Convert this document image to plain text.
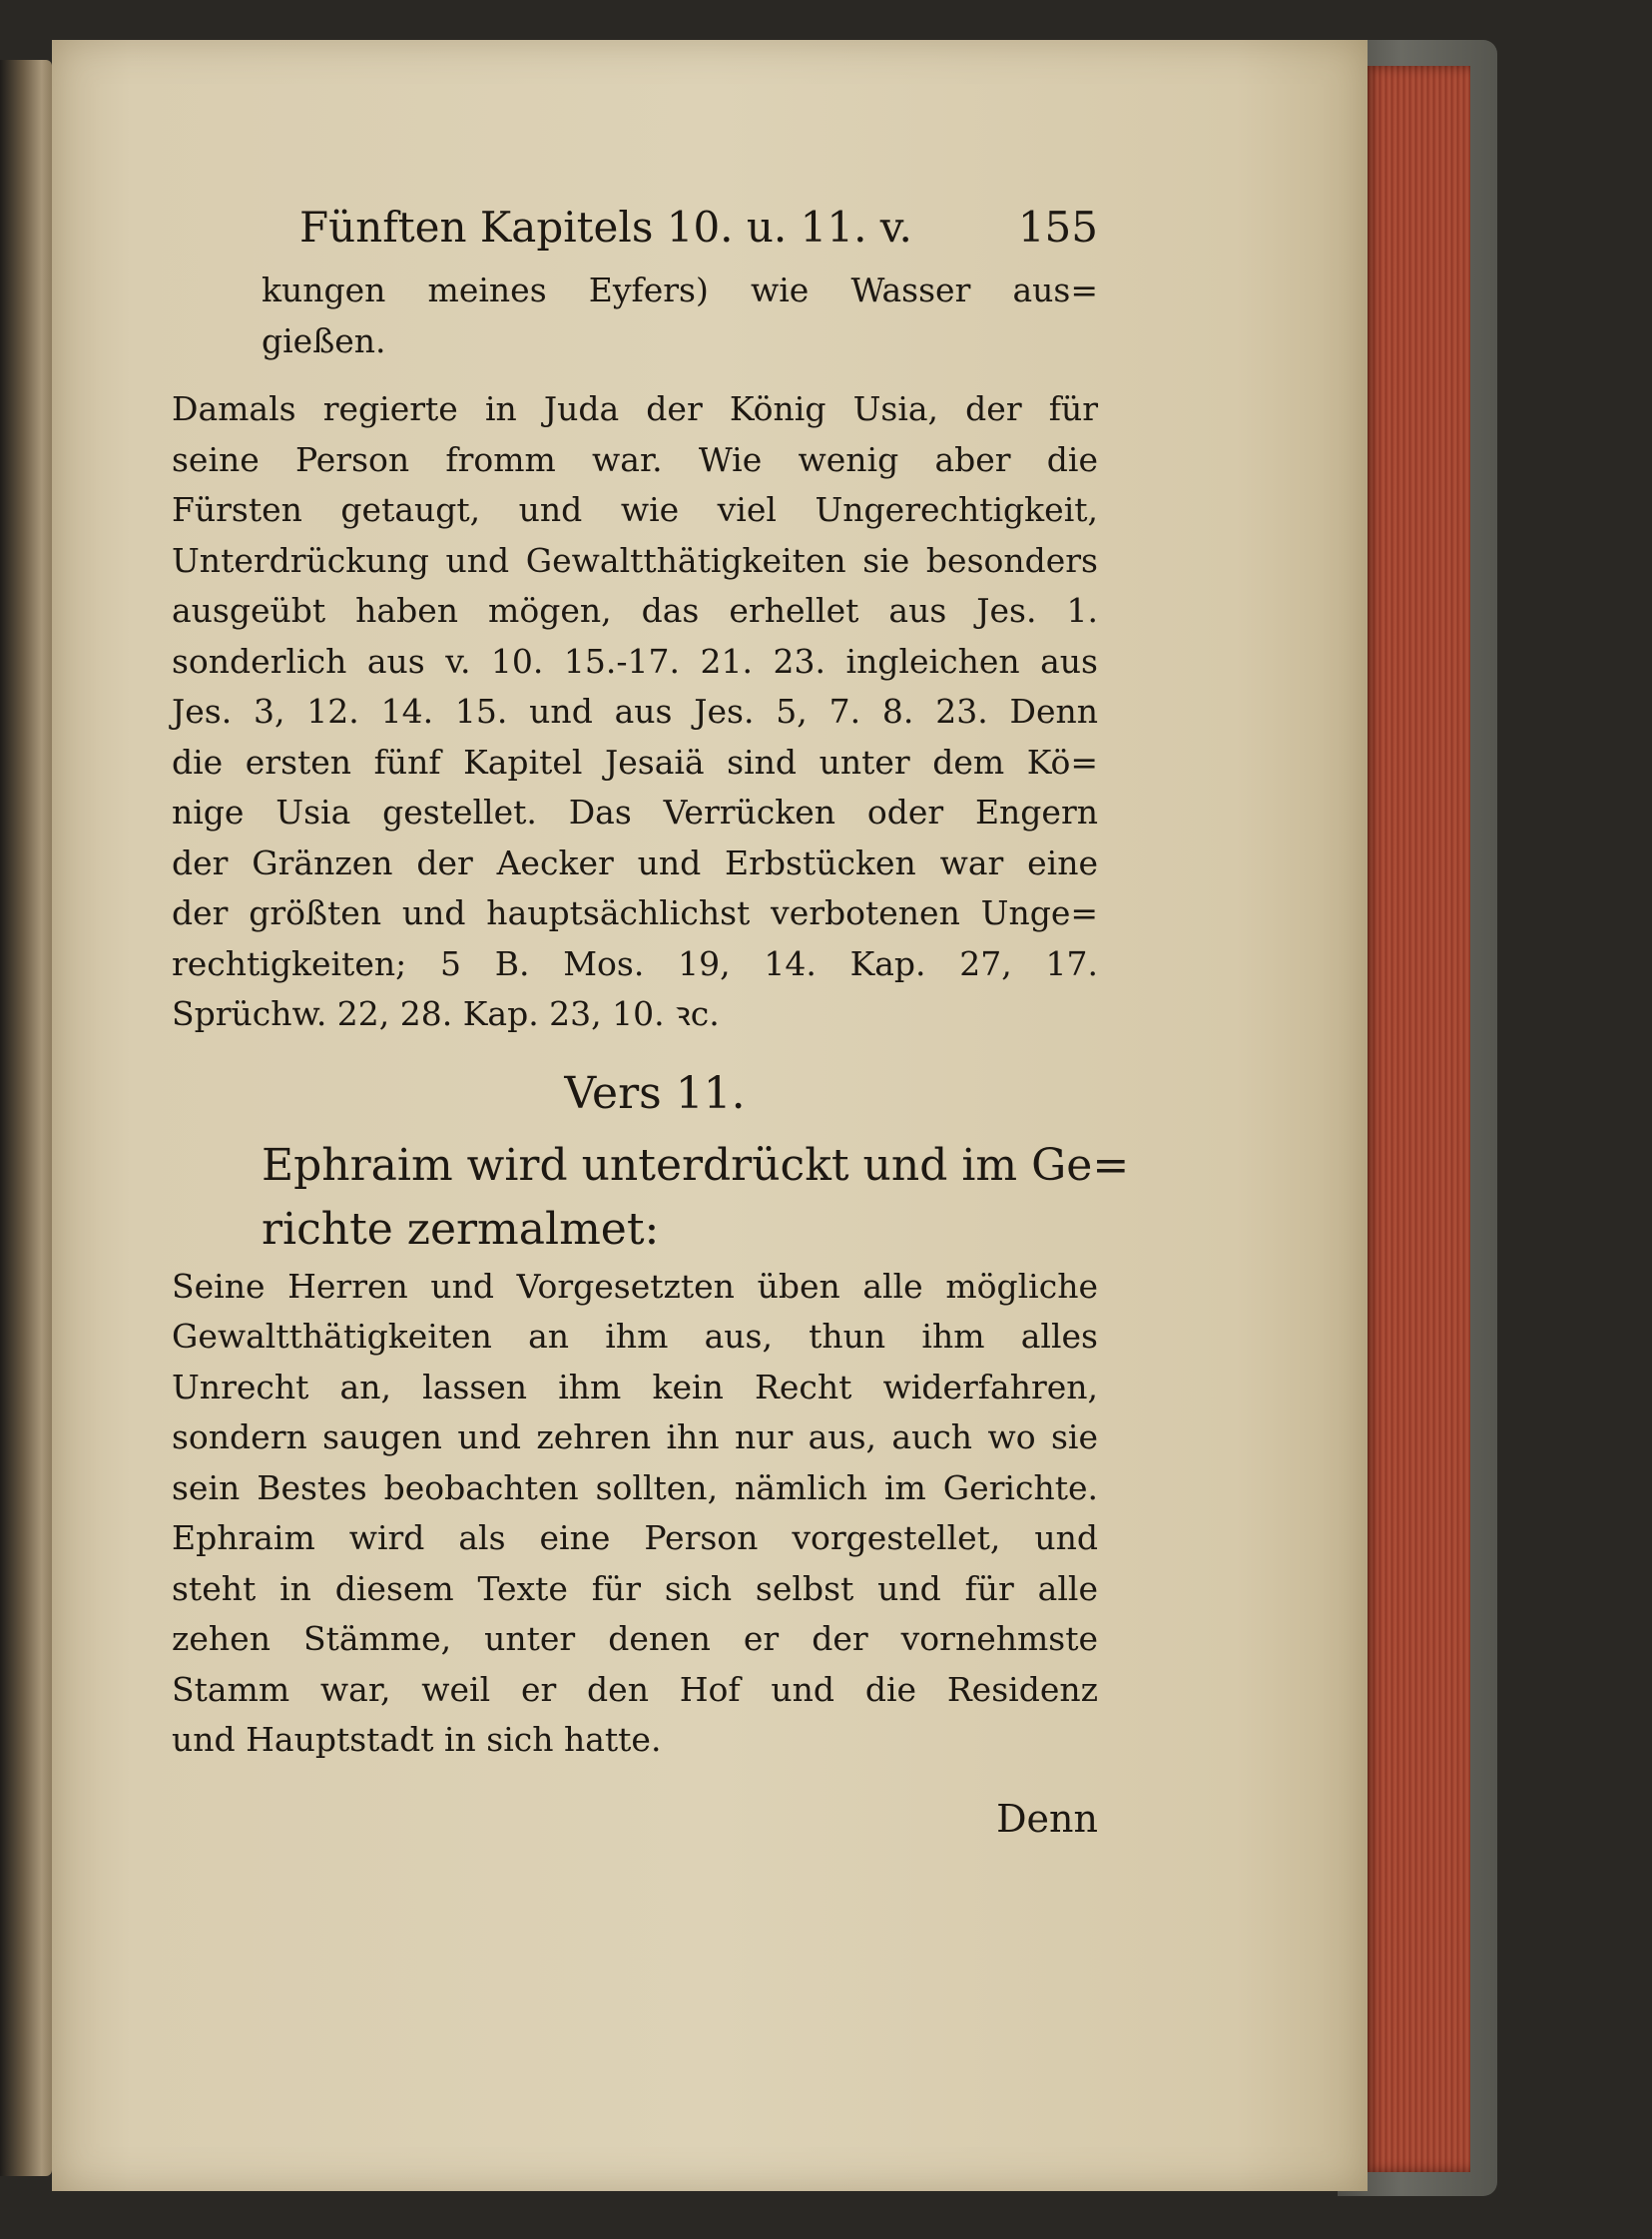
Fünften Kapitels 10. u. 11. v.	155
kungen meines Eyfers) wie Wasser aus=
gießen.
Damals regierte in Juda der König Usia, der für
seine Person fromm war. Wie wenig aber die
Fürsten getaugt, und wie viel Ungerechtigkeit,
Unterdrückung und Gewaltthätigkeiten sie besonders
ausgeübt haben mögen, das erhellet aus Jes. 1.
sonderlich aus v. 10. 15.-17. 21. 23. ingleichen aus
Jes. 3, 12. 14. 15. und aus Jes. 5, 7. 8. 23. Denn
die ersten fünf Kapitel Jesaiä sind unter dem Kö=
nige Usia gestellet. Das Verrücken oder Engern
der Gränzen der Aecker und Erbstücken war eine
der größten und hauptsächlichst verbotenen Unge=
rechtigkeiten; 5 B. Mos. 19, 14. Kap. 27, 17.
Sprüchw. 22, 28. Kap. 23, 10. ꝛc.
Vers 11.
Ephraim wird unterdrückt und im Ge=
richte zermalmet:
Seine Herren und Vorgesetzten üben alle mögliche
Gewaltthätigkeiten an ihm aus, thun ihm alles
Unrecht an, lassen ihm kein Recht widerfahren,
sondern saugen und zehren ihn nur aus, auch wo sie
sein Bestes beobachten sollten, nämlich im Gerichte.
Ephraim wird als eine Person vorgestellet, und
steht in diesem Texte für sich selbst und für alle
zehen Stämme, unter denen er der vornehmste
Stamm war, weil er den Hof und die Residenz
und Hauptstadt in sich hatte.
Denn
